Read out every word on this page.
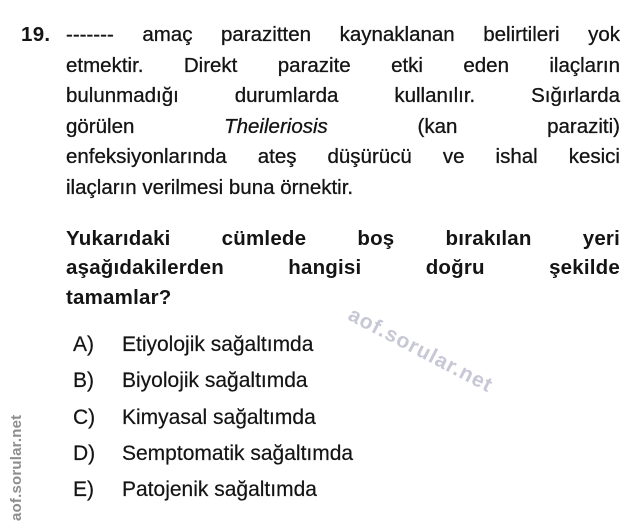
19. ------- amaç parazitten kaynaklanan belirtileri yok
etmektir. Direkt parazite etki eden ilaçların
bulunmadığı durumlarda kullanılır. Sığırlarda
görülen	Theileriosis	(kan paraziti)
enfeksiyonlarında ateş düşürücü ve ishal kesici
ilaçların verilmesi buna örnektir.
Yukarıdaki cümlede boş bırakılan yeri
aşağıdakilerden hangisi doğru şekilde
tamamlar?
A) Etiyolojik sağaltımda
B) Biyolojik sağaltımda
C) Kimyasal sağaltımda
D) Semptomatik sağaltımda
E) Patojenik sağaltımda
aof.sorular.net
aof.sorular.net
